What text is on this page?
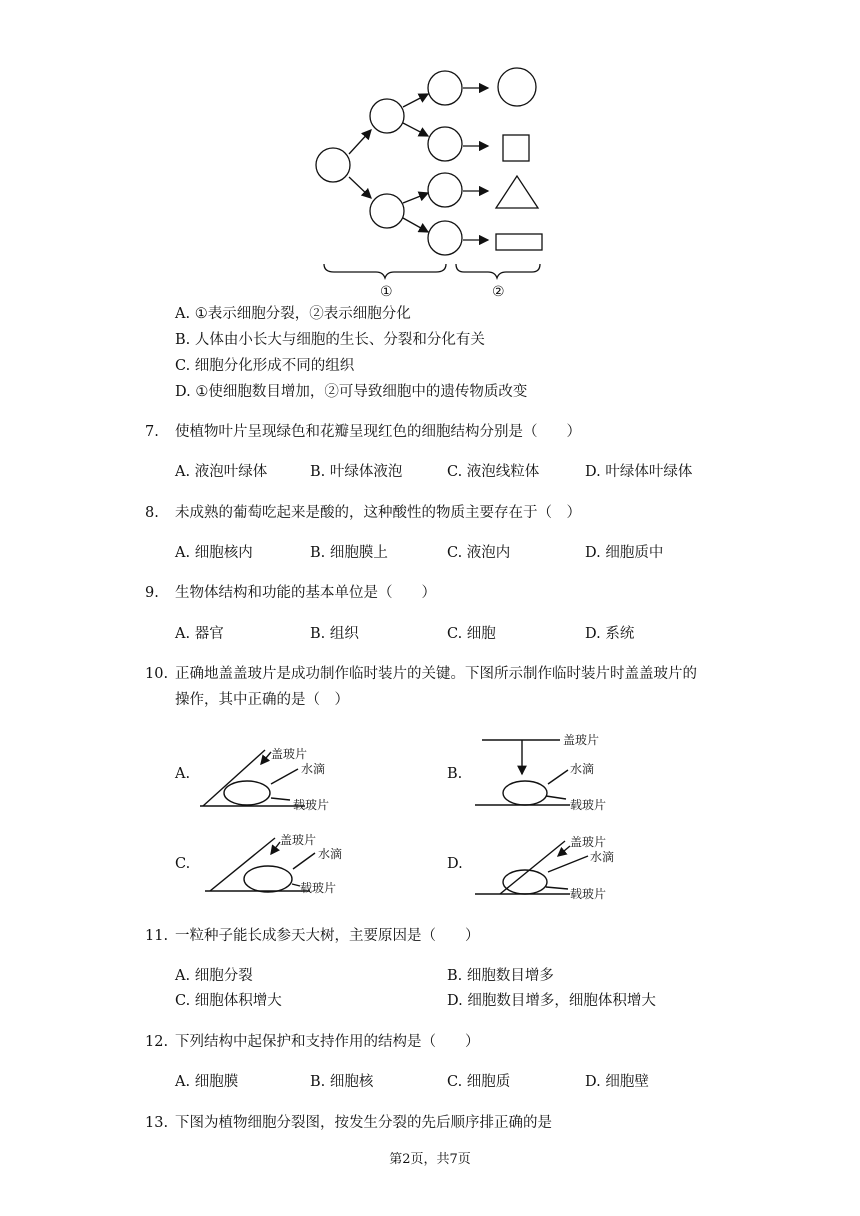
①	②
A. ①表示细胞分裂，②表示细胞分化
B. 人体由小长大与细胞的生长、分裂和分化有关
C. 细胞分化形成不同的组织
D. ①使细胞数目增加，②可导致细胞中的遗传物质改变
7. 使植物叶片呈现绿色和花瓣呈现红色的细胞结构分别是（　　）
A. 液泡叶绿体	B. 叶绿体液泡	C. 液泡线粒体	D. 叶绿体叶绿体
8. 未成熟的葡萄吃起来是酸的，这种酸性的物质主要存在于（　）
A. 细胞核内	B. 细胞膜上	C. 液泡内	D. 细胞质中
9. 生物体结构和功能的基本单位是（　　）
A. 器官	B. 组织	C. 细胞	D. 系统
10. 正确地盖盖玻片是成功制作临时装片的关键。下图所示制作临时装片时盖盖玻片的
操作，其中正确的是（　）
A.
盖玻片
水滴
载玻片
B.
盖玻片
水滴
载玻片
C.
盖玻片
水滴
载玻片
D.
盖玻片
水滴
载玻片
11. 一粒种子能长成参天大树，主要原因是（　　）
A. 细胞分裂	B. 细胞数目增多
C. 细胞体积增大	D. 细胞数目增多，细胞体积增大
12. 下列结构中起保护和支持作用的结构是（　　）
A. 细胞膜	B. 细胞核	C. 细胞质	D. 细胞壁
13. 下图为植物细胞分裂图，按发生分裂的先后顺序排正确的是
第2页，共7页
